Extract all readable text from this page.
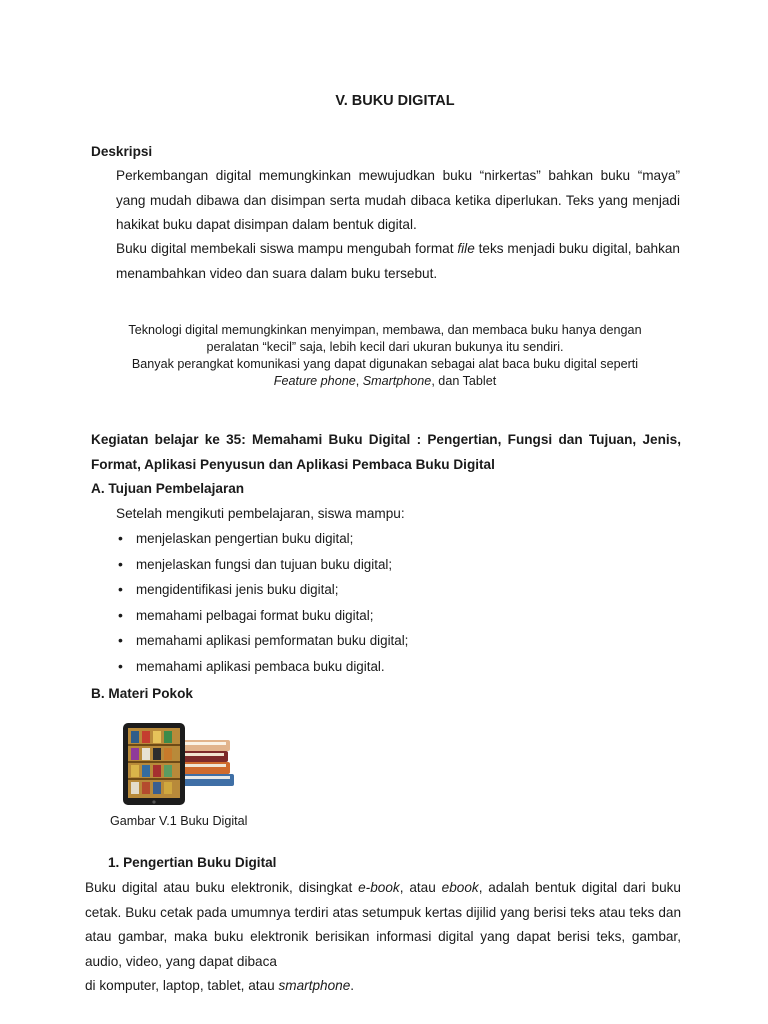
V. BUKU DIGITAL
Deskripsi

Perkembangan digital memungkinkan mewujudkan buku “nirkertas” bahkan buku “maya” yang mudah dibawa dan disimpan serta mudah dibaca ketika diperlukan. Teks yang menjadi hakikat buku dapat disimpan dalam bentuk digital.

Buku digital membekali siswa mampu mengubah format file teks menjadi buku digital, bahkan menambahkan video dan suara dalam buku tersebut.

Teknologi digital memungkinkan menyimpan, membawa, dan membaca buku hanya dengan
peralatan “kecil” saja, lebih kecil dari ukuran bukunya itu sendiri.
Banyak perangkat komunikasi yang dapat digunakan sebagai alat baca buku digital seperti
Feature phone, Smartphone, dan Tablet
Kegiatan belajar ke 35: Memahami Buku Digital : Pengertian, Fungsi dan Tujuan, Jenis,
Format, Aplikasi Penyusun dan Aplikasi Pembaca Buku Digital
A. Tujuan Pembelajaran
Setelah mengikuti pembelajaran, siswa mampu:
• menjelaskan pengertian buku digital;
• menjelaskan fungsi dan tujuan buku digital;
• mengidentifikasi jenis buku digital;
• memahami pelbagai format buku digital;
• memahami aplikasi pemformatan buku digital;
• memahami aplikasi pembaca buku digital.
B. Materi Pokok
Gambar V.1 Buku Digital
1. Pengertian Buku Digital

Buku digital atau buku elektronik, disingkat e-book, atau ebook, adalah bentuk digital dari buku cetak. Buku cetak pada umumnya terdiri atas setumpuk kertas dijilid yang berisi teks atau teks dan atau gambar, maka buku elektronik berisikan informasi digital yang dapat berisi teks, gambar, audio, video, yang dapat dibaca

di komputer, laptop, tablet, atau smartphone.
